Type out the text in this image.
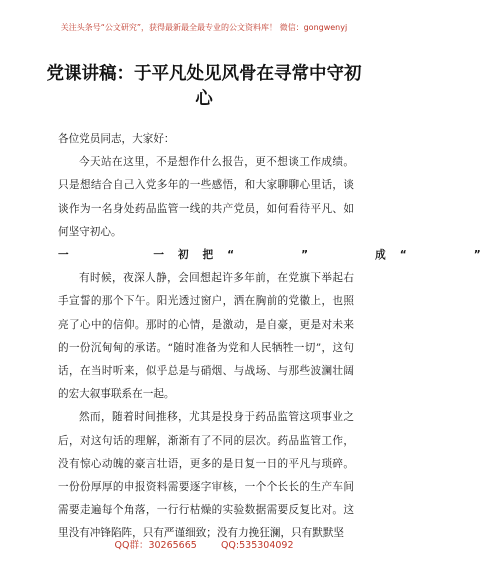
关注头条号“公文研究”，获得最新最全最专业的公文资料库！ 微信：gongwenyj
党课讲稿：于平凡处见风骨在寻常中守初心

各位党员同志，大家好：

今天站在这里，不是想作什么报告，更不想谈工作成绩。只是想结合自己入党多年的一些感悟，和大家聊聊心里话，谈谈作为一名身处药品监管一线的共产党员，如何看待平凡、如何坚守初心。

一    一初把“   ”   成“   ”

有时候，夜深人静，会回想起许多年前，在党旗下举起右手宣誓的那个下午。阳光透过窗户，洒在胸前的党徽上，也照亮了心中的信仰。那时的心情，是激动，是自豪，更是对未来的一份沉甸甸的承诺。“随时准备为党和人民牺牲一切”，这句话，在当时听来，似乎总是与硝烟、与战场、与那些波澜壮阔的宏大叙事联系在一起。

然而，随着时间推移，尤其是投身于药品监管这项事业之后，对这句话的理解，渐渐有了不同的层次。药品监管工作，没有惊心动魄的豪言壮语，更多的是日复一日的平凡与琐碎。一份份厚厚的申报资料需要逐字审核，一个个长长的生产车间需要走遍每个角落，一行行枯燥的实验数据需要反复比对。这里没有冲锋陷阵，只有严谨细致；没有力挽狂澜，只有默默坚

QQ群：30265665        QQ:535304092
